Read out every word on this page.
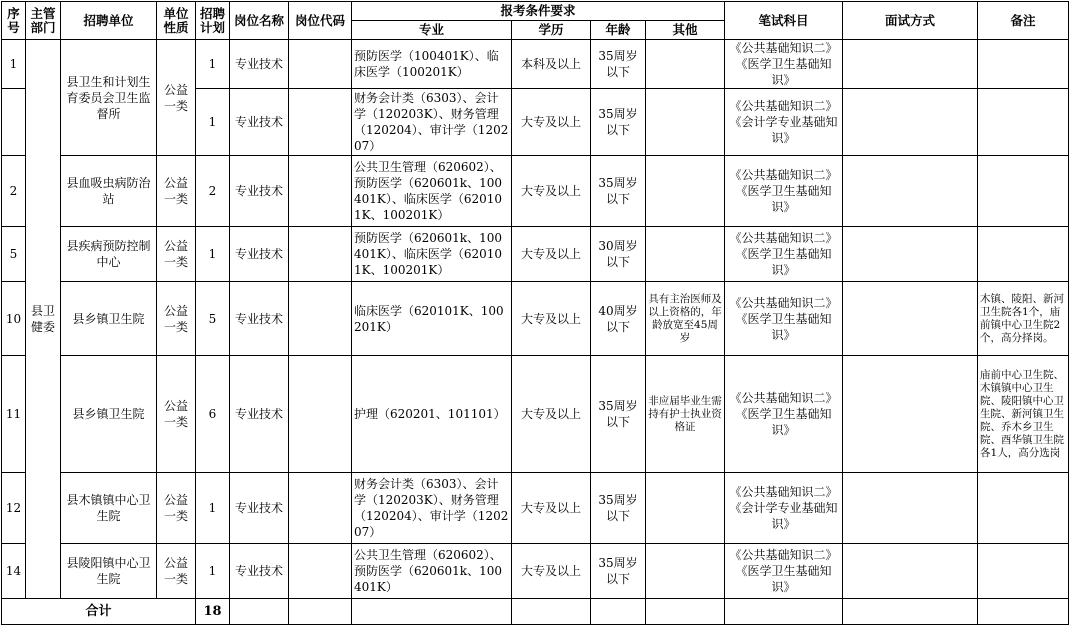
序号	主管部门	招聘单位	单位性质	招聘计划	岗位名称	岗位代码	报考条件要求				笔试科目	面试方式	备注
							专业	学历	年龄	其他			
1	县卫健委	县卫生和计划生育委员会卫生监督所	公益一类	1	专业技术		预防医学（100401K）、临床医学（100201K）	本科及以上	35周岁以下		《公共基础知识二》《医学卫生基础知识》		
				1	专业技术		财务会计类（6303）、会计学（120203K）、财务管理（120204）、审计学（120207）	大专及以上	35周岁以下		《公共基础知识二》《会计学专业基础知识》		
2		县血吸虫病防治站	公益一类	2	专业技术		公共卫生管理（620602）、预防医学（620601k、100401K）、临床医学（620101K、100201K）	大专及以上	35周岁以下		《公共基础知识二》《医学卫生基础知识》		
5		县疾病预防控制中心	公益一类	1	专业技术		预防医学（620601k、100401K）、临床医学（620101K、100201K）	大专及以上	30周岁以下		《公共基础知识二》《医学卫生基础知识》		
10		县乡镇卫生院	公益一类	5	专业技术		临床医学（620101K、100201K）	大专及以上	40周岁以下	具有主治医师及以上资格的，年龄放宽至45周岁	《公共基础知识二》《医学卫生基础知识》		木镇、陵阳、新河卫生院各1个，庙前镇中心卫生院2个，高分择岗。
11		县乡镇卫生院	公益一类	6	专业技术		护理（620201、101101）	大专及以上	35周岁以下	非应届毕业生需持有护士执业资格证	《公共基础知识二》《医学卫生基础知识》		庙前中心卫生院、木镇镇中心卫生院、陵阳镇中心卫生院、新河镇卫生院、乔木乡卫生院、酉华镇卫生院各1人，高分选岗
12		县木镇镇中心卫生院	公益一类	1	专业技术		财务会计类（6303）、会计学（120203K）、财务管理（120204）、审计学（120207）	大专及以上	35周岁以下		《公共基础知识二》《会计学专业基础知识》		
14		县陵阳镇中心卫生院	公益一类	1	专业技术		公共卫生管理（620602）、预防医学（620601k、100401K）	大专及以上	35周岁以下		《公共基础知识二》《医学卫生基础知识》		
合计				18									
